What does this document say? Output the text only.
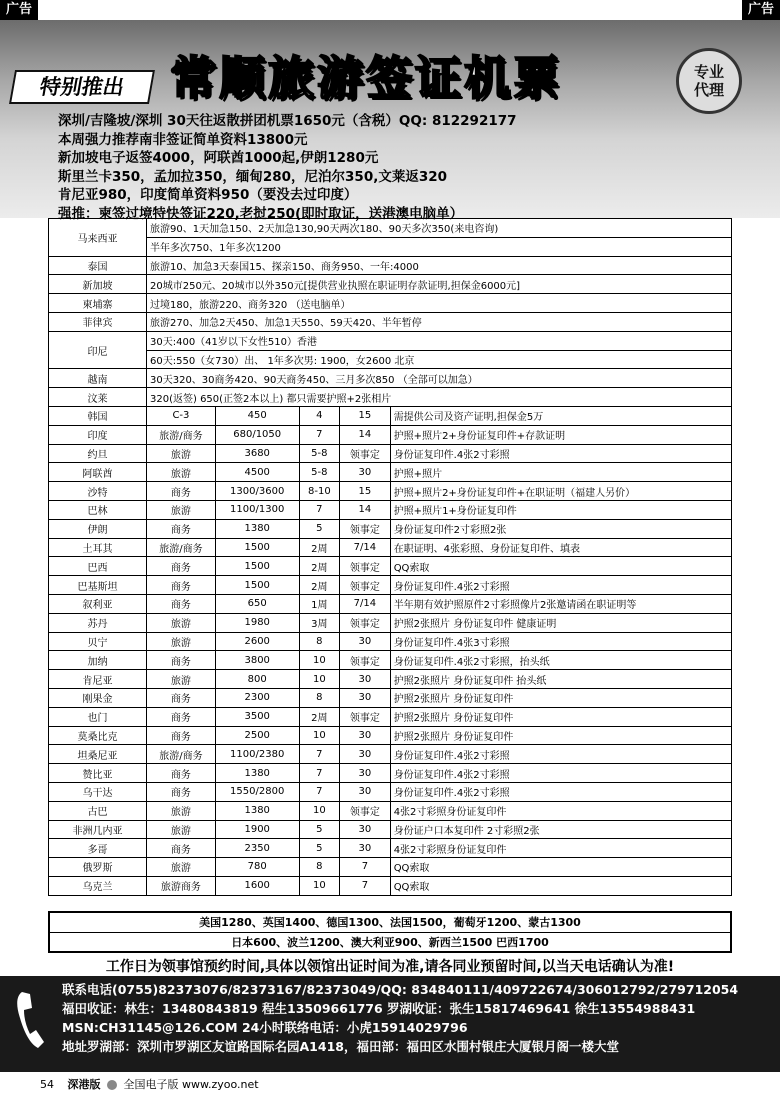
广告	广告
特别推出 常顺旅游签证机票	专业代理
深圳/吉隆坡/深圳 30天往返散拼团机票1650元（含税）QQ: 812292177
本周强力推荐南非签证简单资料13800元
新加坡电子返签4000，阿联酋1000起,伊朗1280元
斯里兰卡350，孟加拉350，缅甸280，尼泊尔350,文莱返320
肯尼亚980，印度简单资料950（要没去过印度）
强推：柬签过境特快签证220,老挝250(即时取证，送港澳电脑单）
马来西亚	旅游90、1天加急150、2天加急130,90天两次180、90天多次350(来电咨询)				
	半年多次750、1年多次1200				
泰国	旅游10、加急3天泰国15、探亲150、商务950、一年:4000				
新加坡	20城市250元、20城市以外350元[提供营业执照在职证明存款证明,担保金6000元]				
柬埔寨	过境180，旅游220、商务320 （送电脑单）				
菲律宾	旅游270、加急2天450、加急1天550、59天420、半年暂停				
印尼	30天:400（41岁以下女性510）香港				
	60天:550（女730）出、 1年多次男: 1900，女2600 北京				
越南	30天320、30商务420、90天商务450、三月多次850 （全部可以加急）				
汶莱	320(返签) 650(正签2本以上) 都只需要护照+2张相片				
韩国	C-3	450	4	15	需提供公司及资产证明,担保金5万
印度	旅游/商务	680/1050	7	14	护照+照片2+身份证复印件+存款证明
约旦	旅游	3680	5-8	领事定	身份证复印件.4张2寸彩照
阿联酋	旅游	4500	5-8	30	护照+照片
沙特	商务	1300/3600	8-10	15	护照+照片2+身份证复印件+在职证明（福建人另价）
巴林	旅游	1100/1300	7	14	护照+照片1+身份证复印件
伊朗	商务	1380	5	领事定	身份证复印件2寸彩照2张
土耳其	旅游/商务	1500	2周	7/14	在职证明、4张彩照、身份证复印件、填表
巴西	商务	1500	2周	领事定	QQ索取
巴基斯坦	商务	1500	2周	领事定	身份证复印件.4张2寸彩照
叙利亚	商务	650	1周	7/14	半年期有效护照原件2寸彩照像片2张邀请函在职证明等
苏丹	旅游	1980	3周	领事定	护照2张照片 身份证复印件 健康证明
贝宁	旅游	2600	8	30	身份证复印件.4张3寸彩照
加纳	商务	3800	10	领事定	身份证复印件.4张2寸彩照，抬头纸
肯尼亚	旅游	800	10	30	护照2张照片 身份证复印件 抬头纸
刚果金	商务	2300	8	30	护照2张照片 身份证复印件
也门	商务	3500	2周	领事定	护照2张照片 身份证复印件
莫桑比克	商务	2500	10	30	护照2张照片 身份证复印件
坦桑尼亚	旅游/商务	1100/2380	7	30	身份证复印件.4张2寸彩照
赞比亚	商务	1380	7	30	身份证复印件.4张2寸彩照
乌干达	商务	1550/2800	7	30	身份证复印件.4张2寸彩照
古巴	旅游	1380	10	领事定	4张2寸彩照身份证复印件
非洲几内亚	旅游	1900	5	30	身份证户口本复印件 2寸彩照2张
多哥	商务	2350	5	30	4张2寸彩照身份证复印件
俄罗斯	旅游	780	8	7	QQ索取
乌克兰	旅游商务	1600	10	7	QQ索取
美国1280、英国1400、德国1300、法国1500，葡萄牙1200、蒙古1300
日本600、波兰1200、澳大利亚900、新西兰1500 巴西1700
工作日为领事馆预约时间,具体以领馆出证时间为准,请各同业预留时间,以当天电话确认为准!
联系电话(0755)82373076/82373167/82373049/QQ: 834840111/409722674/306012792/279712054
福田收证：林生：13480843819 程生13509661776 罗湖收证：张生15817469641 徐生13554988431
MSN:CH31145@126.COM 24小时联络电话：小虎15914029796
地址罗湖部：深圳市罗湖区友谊路国际名园A1418，福田部：福田区水围村银庄大厦银月阁一楼大堂
54 深港版 全国电子版 www.zyoo.net
